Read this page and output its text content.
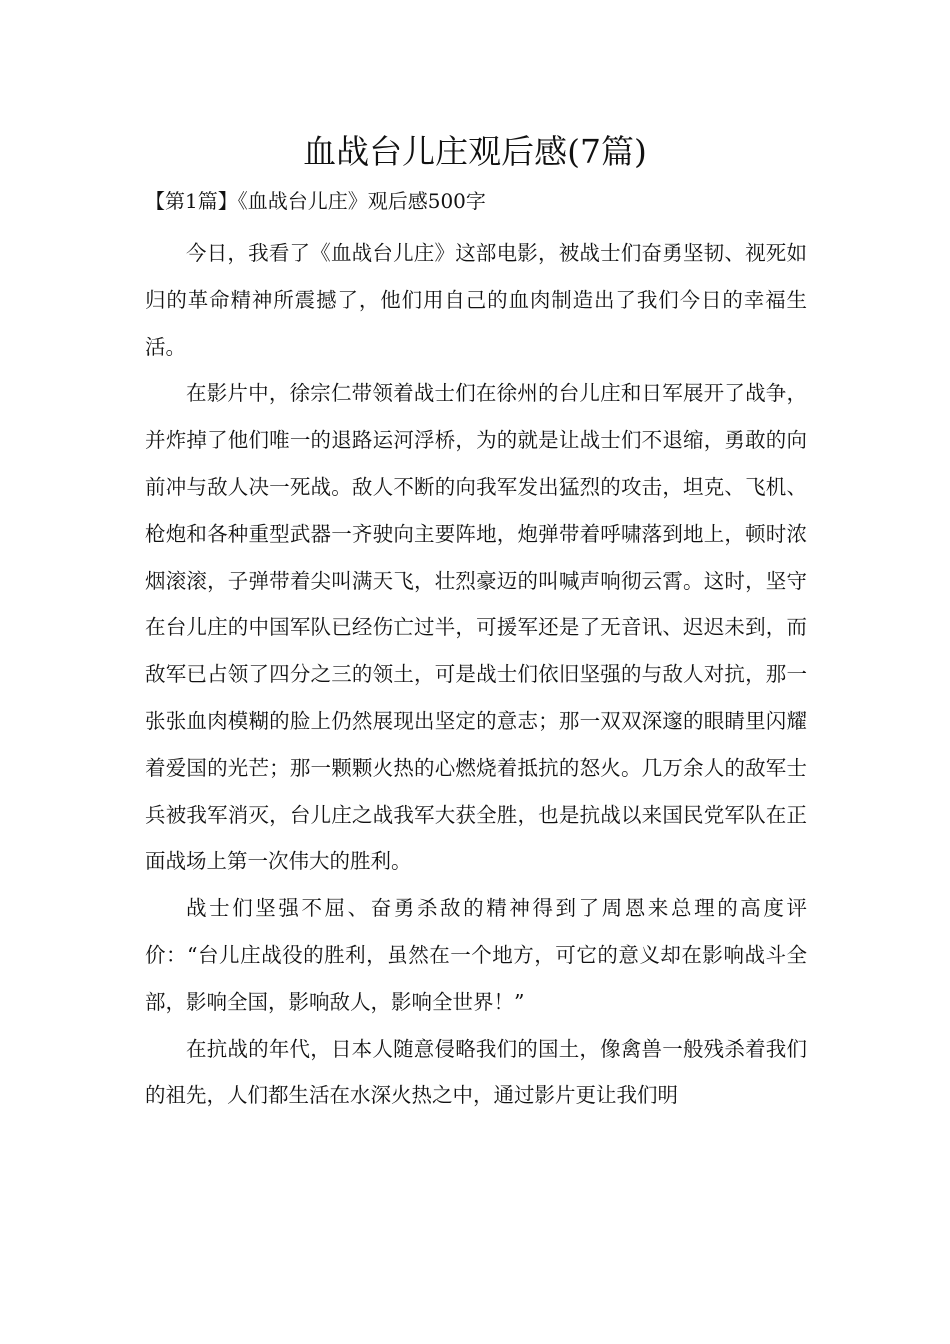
血战台儿庄观后感(7篇)
【第1篇】《血战台儿庄》观后感500字

今日，我看了《血战台儿庄》这部电影，被战士们奋勇坚韧、视死如归的革命精神所震撼了，他们用自己的血肉制造出了我们今日的幸福生活。

在影片中，徐宗仁带领着战士们在徐州的台儿庄和日军展开了战争，并炸掉了他们唯一的退路运河浮桥，为的就是让战士们不退缩，勇敢的向前冲与敌人决一死战。敌人不断的向我军发出猛烈的攻击，坦克、飞机、枪炮和各种重型武器一齐驶向主要阵地，炮弹带着呼啸落到地上，顿时浓烟滚滚，子弹带着尖叫满天飞，壮烈豪迈的叫喊声响彻云霄。这时，坚守在台儿庄的中国军队已经伤亡过半，可援军还是了无音讯、迟迟未到，而敌军已占领了四分之三的领土，可是战士们依旧坚强的与敌人对抗，那一张张血肉模糊的脸上仍然展现出坚定的意志；那一双双深邃的眼睛里闪耀着爱国的光芒；那一颗颗火热的心燃烧着抵抗的怒火。几万余人的敌军士兵被我军消灭，台儿庄之战我军大获全胜，也是抗战以来国民党军队在正面战场上第一次伟大的胜利。

战士们坚强不屈、奋勇杀敌的精神得到了周恩来总理的高度评价：“台儿庄战役的胜利，虽然在一个地方，可它的意义却在影响战斗全部，影响全国，影响敌人，影响全世界！”

在抗战的年代，日本人随意侵略我们的国土，像禽兽一般残杀着我们的祖先，人们都生活在水深火热之中，通过影片更让我们明
